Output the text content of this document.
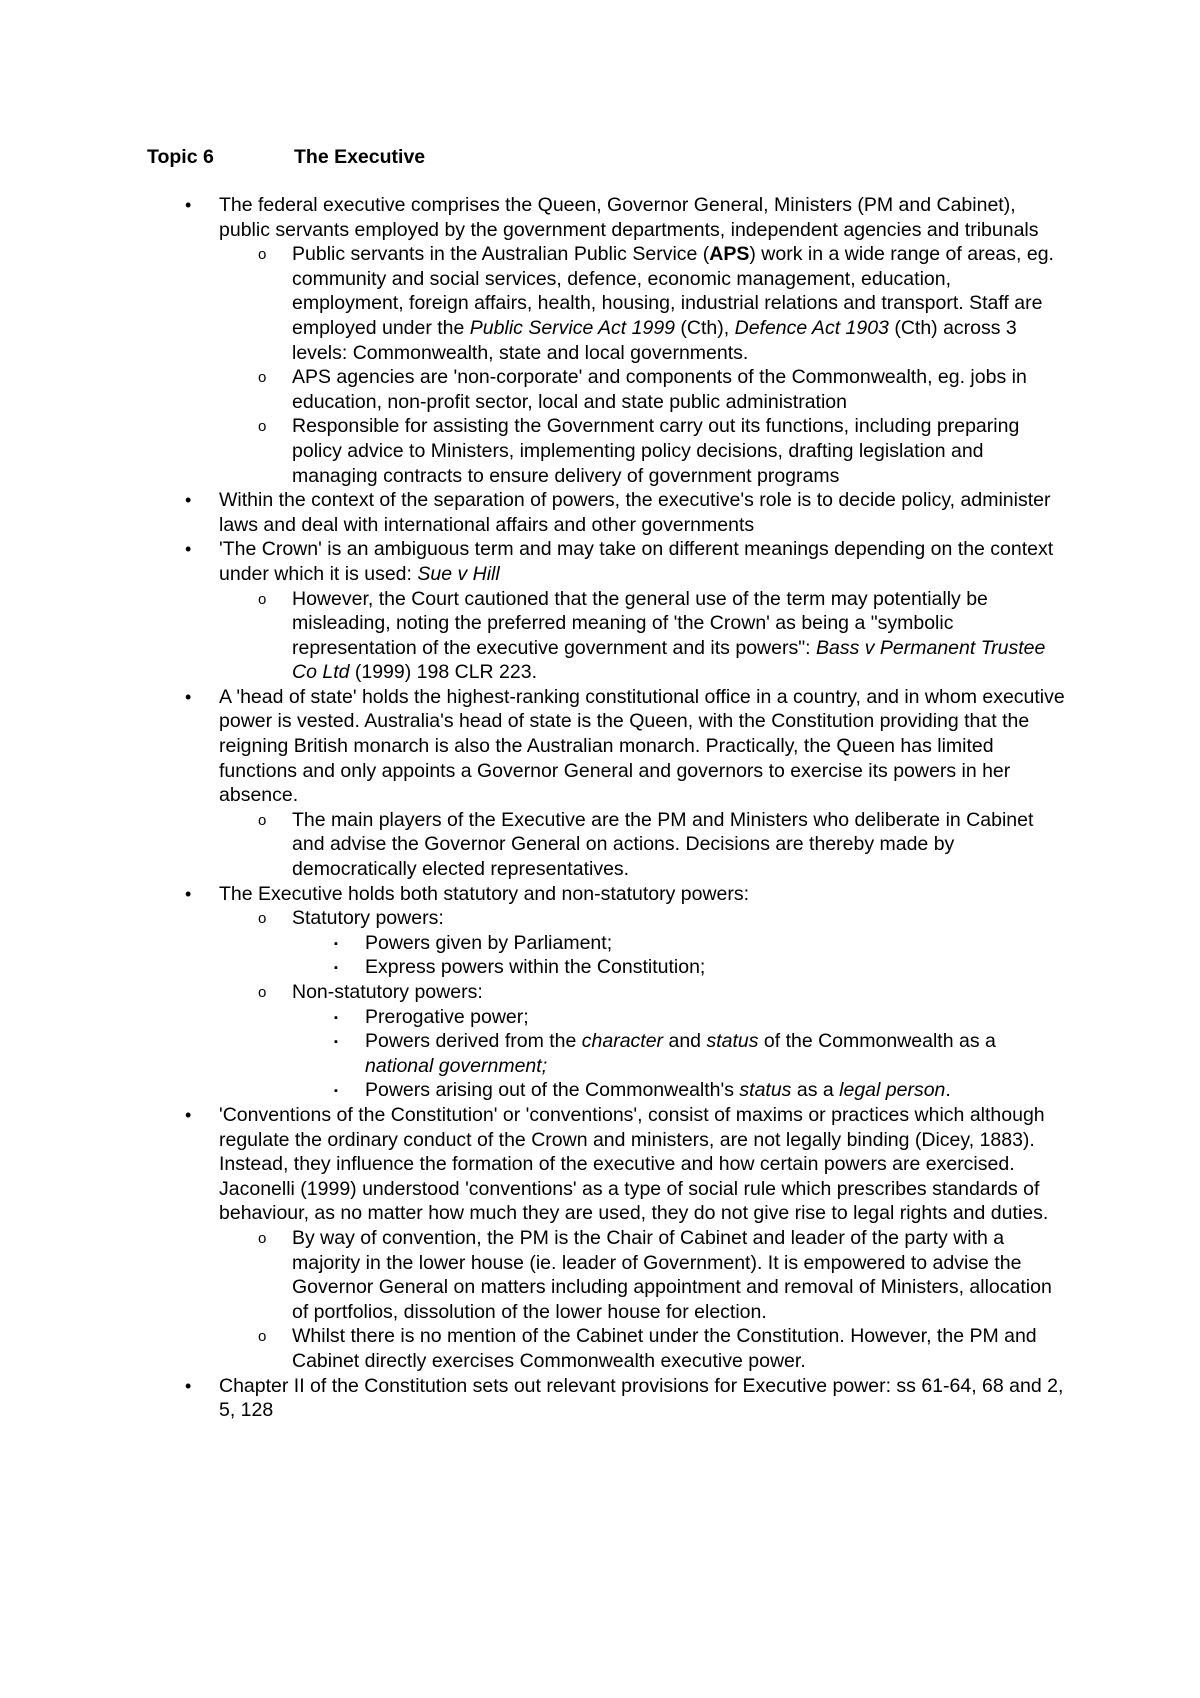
Topic 6	The Executive
• The federal executive comprises the Queen, Governor General, Ministers (PM and Cabinet), public servants employed by the government departments, independent agencies and tribunals
o Public servants in the Australian Public Service (APS) work in a wide range of areas, eg. community and social services, defence, economic management, education, employment, foreign affairs, health, housing, industrial relations and transport. Staff are employed under the Public Service Act 1999 (Cth), Defence Act 1903 (Cth) across 3 levels: Commonwealth, state and local governments.
o APS agencies are 'non-corporate' and components of the Commonwealth, eg. jobs in education, non-profit sector, local and state public administration
o Responsible for assisting the Government carry out its functions, including preparing policy advice to Ministers, implementing policy decisions, drafting legislation and managing contracts to ensure delivery of government programs
• Within the context of the separation of powers, the executive's role is to decide policy, administer laws and deal with international affairs and other governments
• 'The Crown' is an ambiguous term and may take on different meanings depending on the context under which it is used: Sue v Hill
o However, the Court cautioned that the general use of the term may potentially be misleading, noting the preferred meaning of 'the Crown' as being a "symbolic representation of the executive government and its powers": Bass v Permanent Trustee Co Ltd (1999) 198 CLR 223.
• A 'head of state' holds the highest-ranking constitutional office in a country, and in whom executive power is vested. Australia's head of state is the Queen, with the Constitution providing that the reigning British monarch is also the Australian monarch. Practically, the Queen has limited functions and only appoints a Governor General and governors to exercise its powers in her absence.
o The main players of the Executive are the PM and Ministers who deliberate in Cabinet and advise the Governor General on actions. Decisions are thereby made by democratically elected representatives.
• The Executive holds both statutory and non-statutory powers:
o Statutory powers:
▪ Powers given by Parliament;
▪ Express powers within the Constitution;
o Non-statutory powers:
▪ Prerogative power;
▪ Powers derived from the character and status of the Commonwealth as a national government;
▪ Powers arising out of the Commonwealth's status as a legal person.
• 'Conventions of the Constitution' or 'conventions', consist of maxims or practices which although regulate the ordinary conduct of the Crown and ministers, are not legally binding (Dicey, 1883). Instead, they influence the formation of the executive and how certain powers are exercised. Jaconelli (1999) understood 'conventions' as a type of social rule which prescribes standards of behaviour, as no matter how much they are used, they do not give rise to legal rights and duties.
o By way of convention, the PM is the Chair of Cabinet and leader of the party with a majority in the lower house (ie. leader of Government). It is empowered to advise the Governor General on matters including appointment and removal of Ministers, allocation of portfolios, dissolution of the lower house for election.
o Whilst there is no mention of the Cabinet under the Constitution. However, the PM and Cabinet directly exercises Commonwealth executive power.
• Chapter II of the Constitution sets out relevant provisions for Executive power: ss 61-64, 68 and 2, 5, 128
